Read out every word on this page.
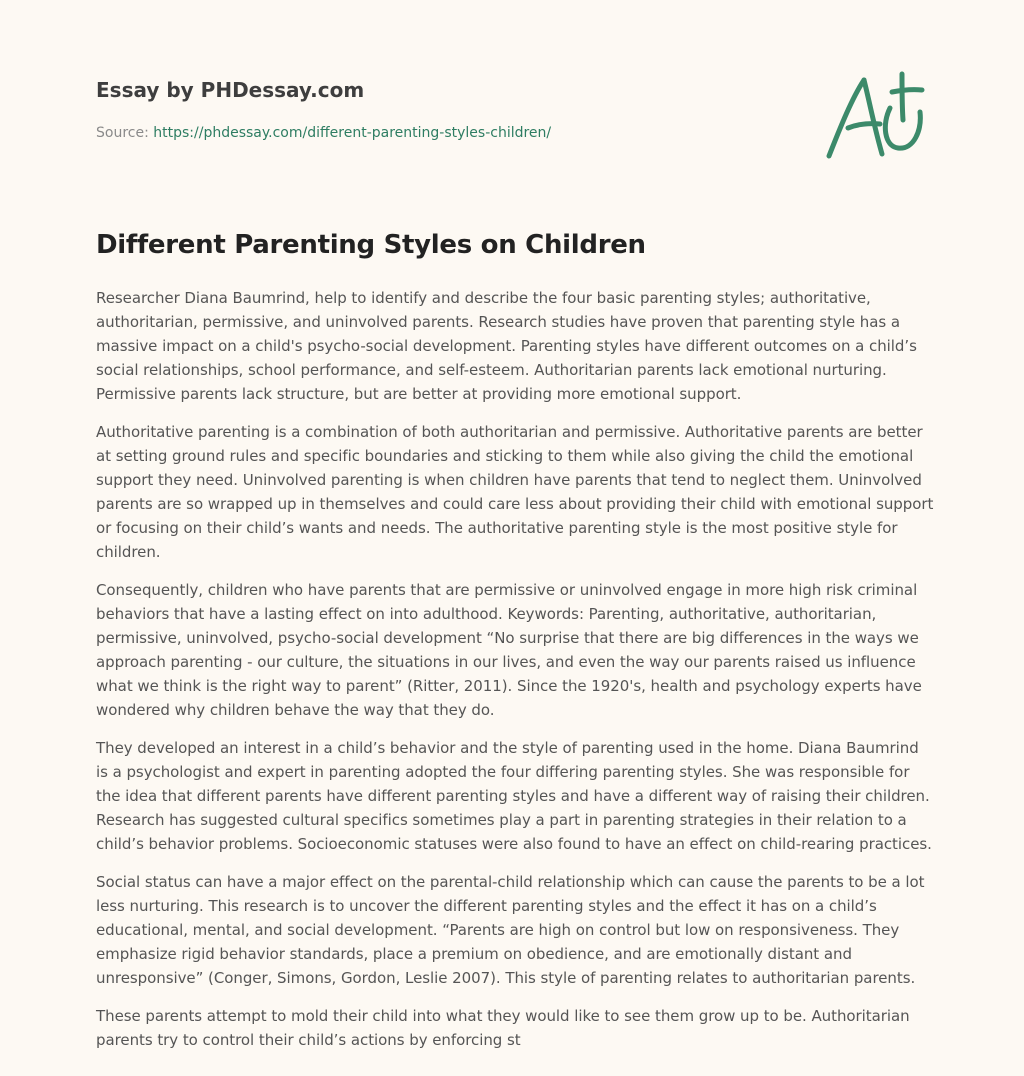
Essay by PHDessay.com
Source: https://phdessay.com/different-parenting-styles-children/
Different Parenting Styles on Children

Researcher Diana Baumrind, help to identify and describe the four basic parenting styles; authoritative, authoritarian, permissive, and uninvolved parents. Research studies have proven that parenting style has a massive impact on a child's psycho-social development. Parenting styles have different outcomes on a child’s social relationships, school performance, and self-esteem. Authoritarian parents lack emotional nurturing. Permissive parents lack structure, but are better at providing more emotional support.

Authoritative parenting is a combination of both authoritarian and permissive. Authoritative parents are better at setting ground rules and specific boundaries and sticking to them while also giving the child the emotional support they need. Uninvolved parenting is when children have parents that tend to neglect them. Uninvolved parents are so wrapped up in themselves and could care less about providing their child with emotional support or focusing on their child’s wants and needs. The authoritative parenting style is the most positive style for children.

Consequently, children who have parents that are permissive or uninvolved engage in more high risk criminal behaviors that have a lasting effect on into adulthood. Keywords: Parenting, authoritative, authoritarian, permissive, uninvolved, psycho-social development “No surprise that there are big differences in the ways we approach parenting - our culture, the situations in our lives, and even the way our parents raised us influence what we think is the right way to parent” (Ritter, 2011). Since the 1920's, health and psychology experts have wondered why children behave the way that they do.

They developed an interest in a child’s behavior and the style of parenting used in the home. Diana Baumrind is a psychologist and expert in parenting adopted the four differing parenting styles. She was responsible for the idea that different parents have different parenting styles and have a different way of raising their children. Research has suggested cultural specifics sometimes play a part in parenting strategies in their relation to a child’s behavior problems. Socioeconomic statuses were also found to have an effect on child-rearing practices.

Social status can have a major effect on the parental-child relationship which can cause the parents to be a lot less nurturing. This research is to uncover the different parenting styles and the effect it has on a child’s educational, mental, and social development. “Parents are high on control but low on responsiveness. They emphasize rigid behavior standards, place a premium on obedience, and are emotionally distant and unresponsive” (Conger, Simons, Gordon, Leslie 2007). This style of parenting relates to authoritarian parents.

These parents attempt to mold their child into what they would like to see them grow up to be. Authoritarian parents try to control their child’s actions by enforcing st
